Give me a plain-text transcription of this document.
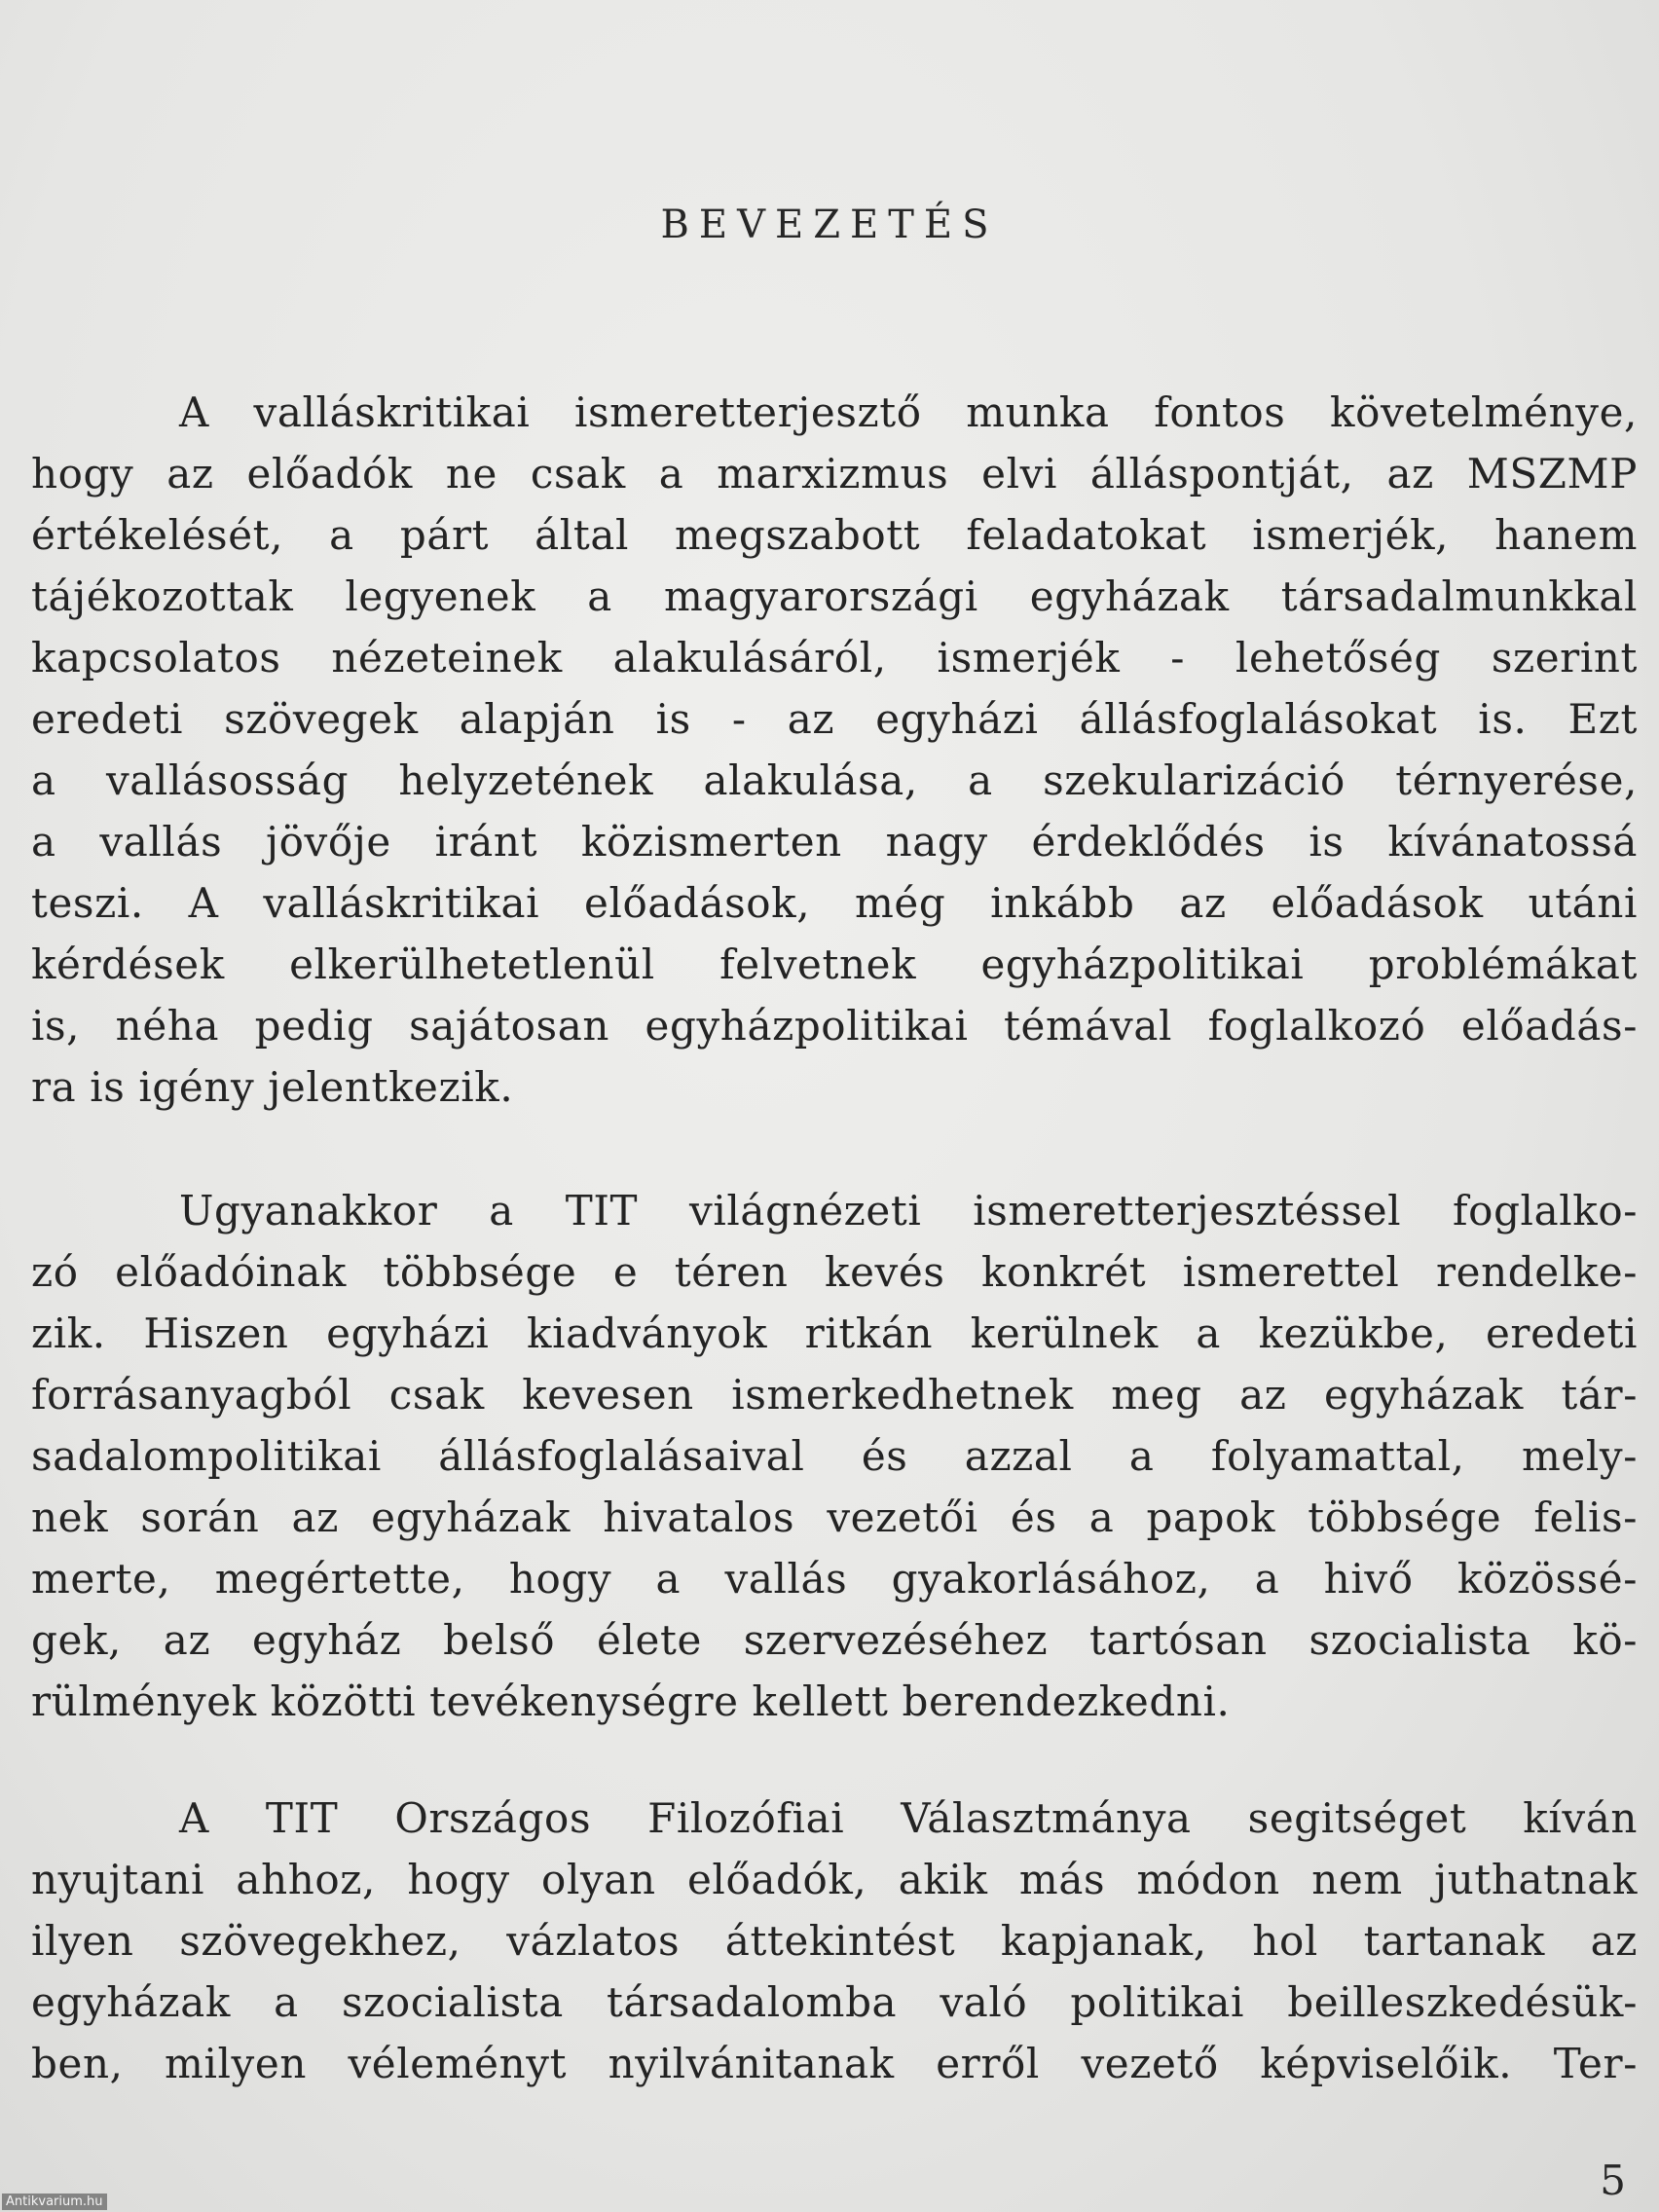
BEVEZETÉS

A valláskritikai ismeretterjesztő munka fontos követelménye,
hogy az előadók ne csak a marxizmus elvi álláspontját, az MSZMP
értékelését, a párt által megszabott feladatokat ismerjék, hanem
tájékozottak legyenek a magyarországi egyházak társadalmunkkal
kapcsolatos nézeteinek alakulásáról, ismerjék - lehetőség szerint
eredeti szövegek alapján is - az egyházi állásfoglalásokat is. Ezt
a vallásosság helyzetének alakulása, a szekularizáció térnyerése,
a vallás jövője iránt közismerten nagy érdeklődés is kívánatossá
teszi. A valláskritikai előadások, még inkább az előadások utáni
kérdések elkerülhetetlenül felvetnek egyházpolitikai problémákat
is, néha pedig sajátosan egyházpolitikai témával foglalkozó előadás-
ra is igény jelentkezik.

Ugyanakkor a TIT világnézeti ismeretterjesztéssel foglalko-
zó előadóinak többsége e téren kevés konkrét ismerettel rendelke-
zik. Hiszen egyházi kiadványok ritkán kerülnek a kezükbe, eredeti
forrásanyagból csak kevesen ismerkedhetnek meg az egyházak tár-
sadalompolitikai állásfoglalásaival és azzal a folyamattal, mely-
nek során az egyházak hivatalos vezetői és a papok többsége felis-
merte, megértette, hogy a vallás gyakorlásához, a hivő közössé-
gek, az egyház belső élete szervezéséhez tartósan szocialista kö-
rülmények közötti tevékenységre kellett berendezkedni.

A TIT Országos Filozófiai Választmánya segitséget kíván
nyujtani ahhoz, hogy olyan előadók, akik más módon nem juthatnak
ilyen szövegekhez, vázlatos áttekintést kapjanak, hol tartanak az
egyházak a szocialista társadalomba való politikai beilleszkedésük-
ben, milyen véleményt nyilvánitanak erről vezető képviselőik. Ter-

5
Antikvarium.hu
